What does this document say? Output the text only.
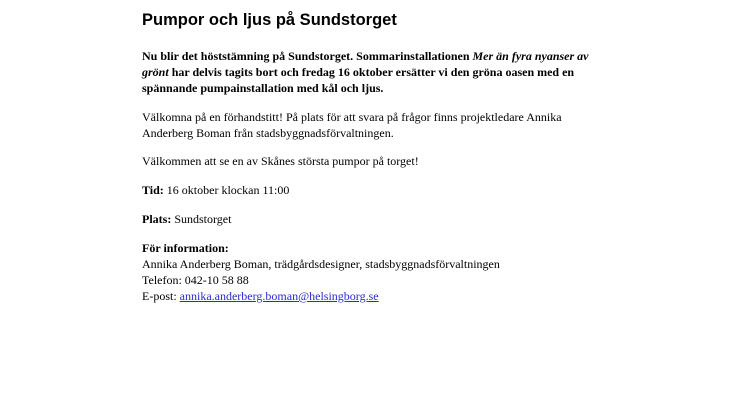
Pumpor och ljus på Sundstorget

Nu blir det höststämning på Sundstorget. Sommarinstallationen Mer än fyra nyanser av grönt har delvis tagits bort och fredag 16 oktober ersätter vi den gröna oasen med en spännande pumpainstallation med kål och ljus.

Välkomna på en förhandstitt! På plats för att svara på frågor finns projektledare Annika Anderberg Boman från stadsbyggnadsförvaltningen.

Välkommen att se en av Skånes största pumpor på torget!

Tid: 16 oktober klockan 11:00

Plats: Sundstorget

För information:
Annika Anderberg Boman, trädgårdsdesigner, stadsbyggnadsförvaltningen
Telefon: 042-10 58 88
E-post: annika.anderberg.boman@helsingborg.se
